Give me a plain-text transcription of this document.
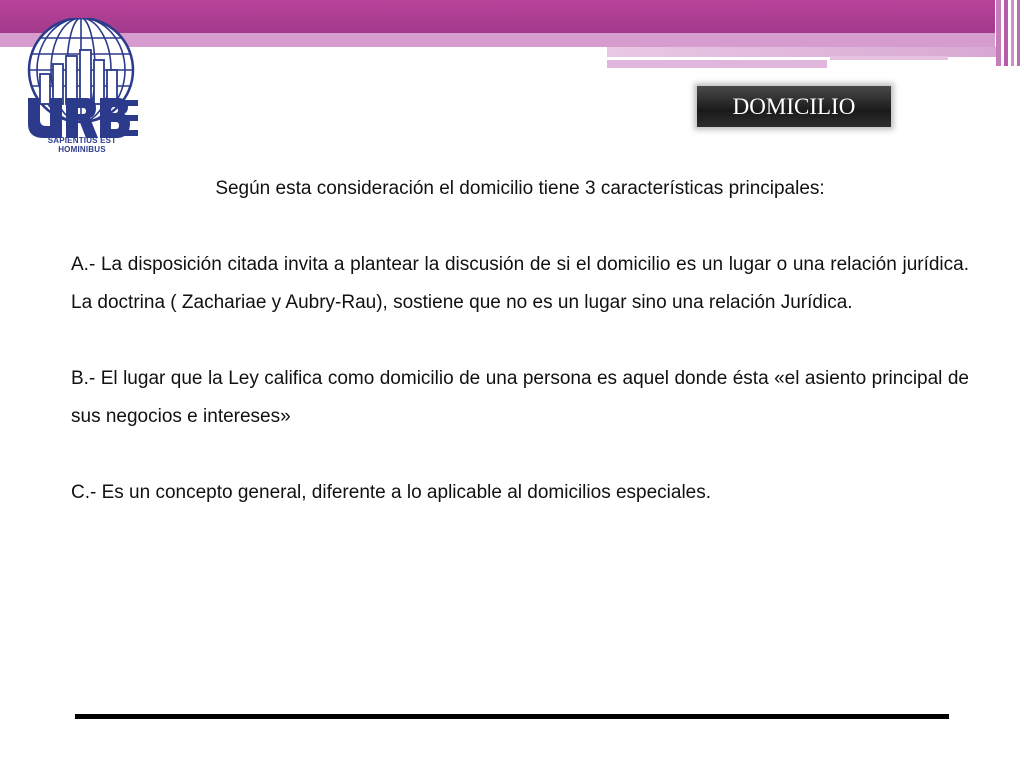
SAPIENTIUS EST HOMINIBUS
DOMICILIO

Según esta consideración el domicilio tiene 3 características principales:

A.- La disposición citada invita a plantear la discusión de si el domicilio es un lugar o una relación jurídica. La doctrina ( Zachariae y Aubry-Rau), sostiene que no es un lugar sino una relación Jurídica.

B.- El lugar que la Ley califica como domicilio de una persona es aquel donde ésta «el asiento principal de sus negocios e intereses»

C.- Es un concepto general, diferente a lo aplicable al domicilios especiales.
